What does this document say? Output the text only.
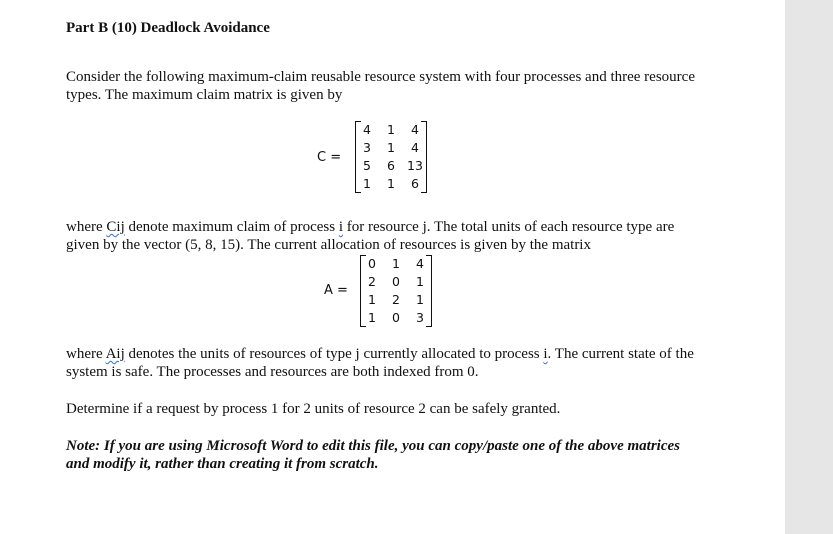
Part B (10) Deadlock Avoidance
Consider the following maximum-claim reusable resource system with four processes and three resource types. The maximum claim matrix is given by
C =
4	1	4
3	1	4
5	6	13
1	1	6
where Cij denote maximum claim of process i for resource j. The total units of each resource type are given by the vector (5, 8, 15). The current allocation of resources is given by the matrix
A =
0	1	4
2	0	1
1	2	1
1	0	3
where Aij denotes the units of resources of type j currently allocated to process i. The current state of the system is safe. The processes and resources are both indexed from 0.
Determine if a request by process 1 for 2 units of resource 2 can be safely granted.
Note: If you are using Microsoft Word to edit this file, you can copy/paste one of the above matrices and modify it, rather than creating it from scratch.
